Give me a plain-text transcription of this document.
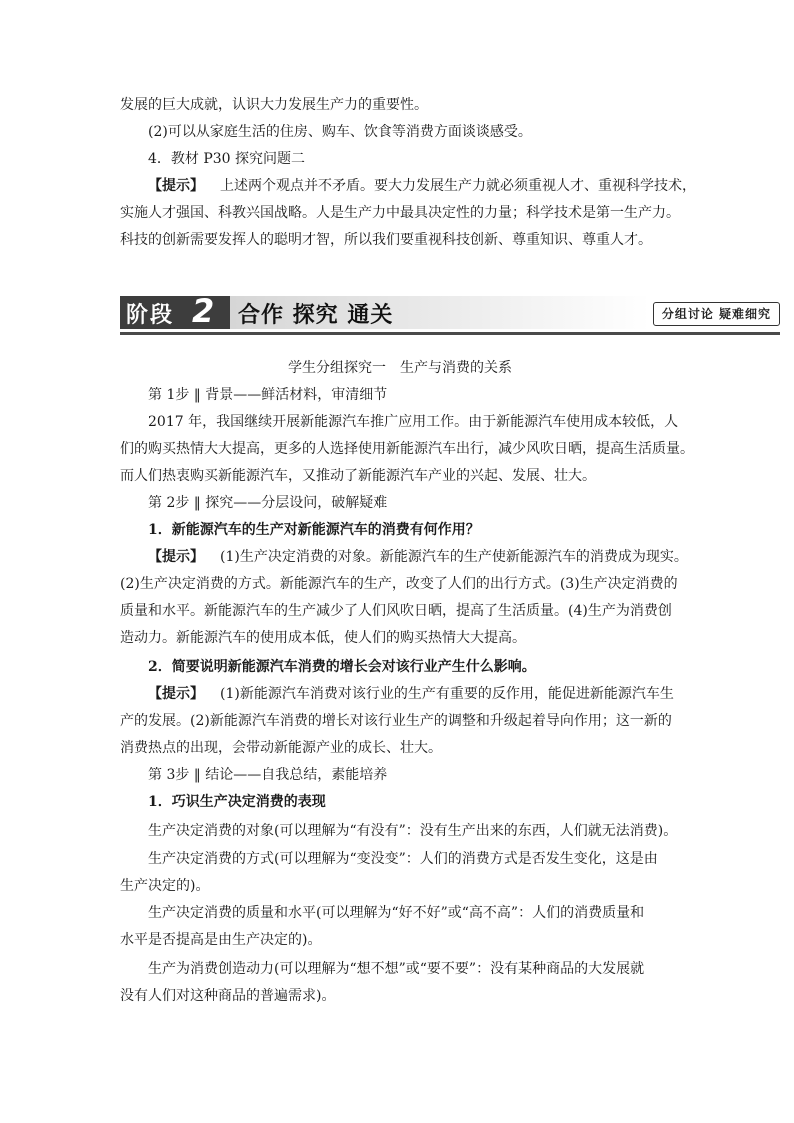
发展的巨大成就，认识大力发展生产力的重要性。
(2)可以从家庭生活的住房、购车、饮食等消费方面谈谈感受。
4．教材 P30 探究问题二
【提示】 上述两个观点并不矛盾。要大力发展生产力就必须重视人才、重视科学技术，
实施人才强国、科教兴国战略。人是生产力中最具决定性的力量；科学技术是第一生产力。
科技的创新需要发挥人的聪明才智，所以我们要重视科技创新、尊重知识、尊重人才。
阶段 2 合作 探究 通关	分组讨论 疑难细究
学生分组探究一　生产与消费的关系
第 1步 ‖ 背景——鲜活材料，审清细节
2017 年，我国继续开展新能源汽车推广应用工作。由于新能源汽车使用成本较低，人
们的购买热情大大提高，更多的人选择使用新能源汽车出行，减少风吹日晒，提高生活质量。
而人们热衷购买新能源汽车，又推动了新能源汽车产业的兴起、发展、壮大。
第 2步 ‖ 探究——分层设问，破解疑难
1．新能源汽车的生产对新能源汽车的消费有何作用？
【提示】 (1)生产决定消费的对象。新能源汽车的生产使新能源汽车的消费成为现实。
(2)生产决定消费的方式。新能源汽车的生产，改变了人们的出行方式。(3)生产决定消费的
质量和水平。新能源汽车的生产减少了人们风吹日晒，提高了生活质量。(4)生产为消费创
造动力。新能源汽车的使用成本低，使人们的购买热情大大提高。
2．简要说明新能源汽车消费的增长会对该行业产生什么影响。
【提示】 (1)新能源汽车消费对该行业的生产有重要的反作用，能促进新能源汽车生
产的发展。(2)新能源汽车消费的增长对该行业生产的调整和升级起着导向作用；这一新的
消费热点的出现，会带动新能源产业的成长、壮大。
第 3步 ‖ 结论——自我总结，素能培养
1．巧识生产决定消费的表现
生产决定消费的对象(可以理解为“有没有”：没有生产出来的东西，人们就无法消费)。
生产决定消费的方式(可以理解为“变没变”：人们的消费方式是否发生变化，这是由
生产决定的)。
生产决定消费的质量和水平(可以理解为“好不好”或“高不高”：人们的消费质量和
水平是否提高是由生产决定的)。
生产为消费创造动力(可以理解为“想不想”或“要不要”：没有某种商品的大发展就
没有人们对这种商品的普遍需求)。
